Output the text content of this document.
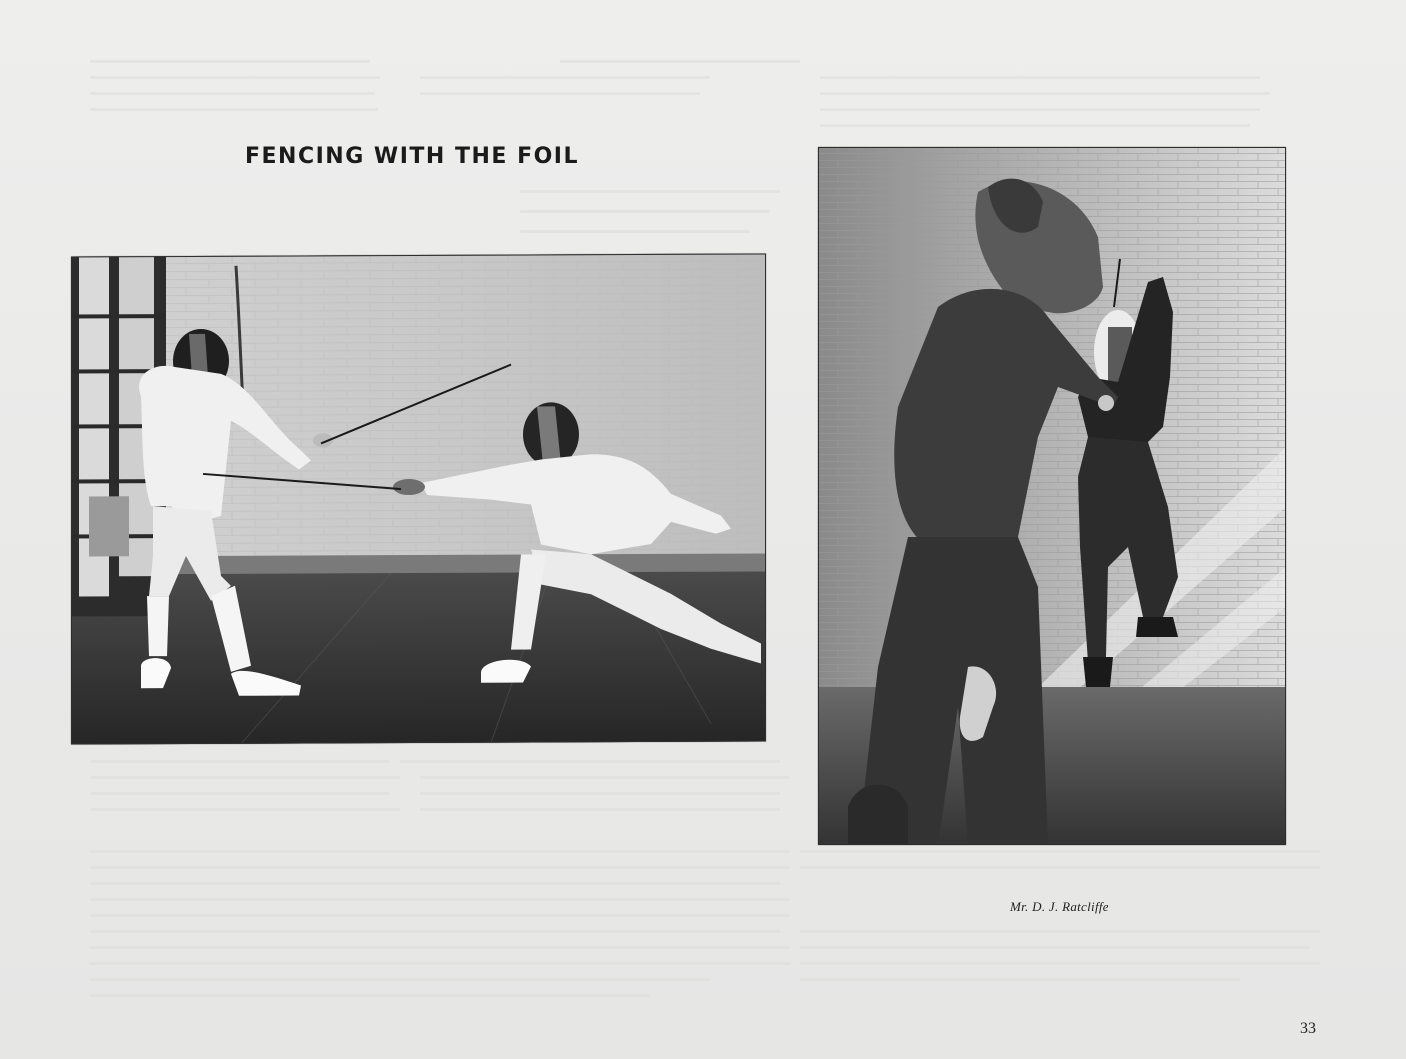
FENCING WITH THE FOIL
Mr. D. J. Ratcliffe
33
